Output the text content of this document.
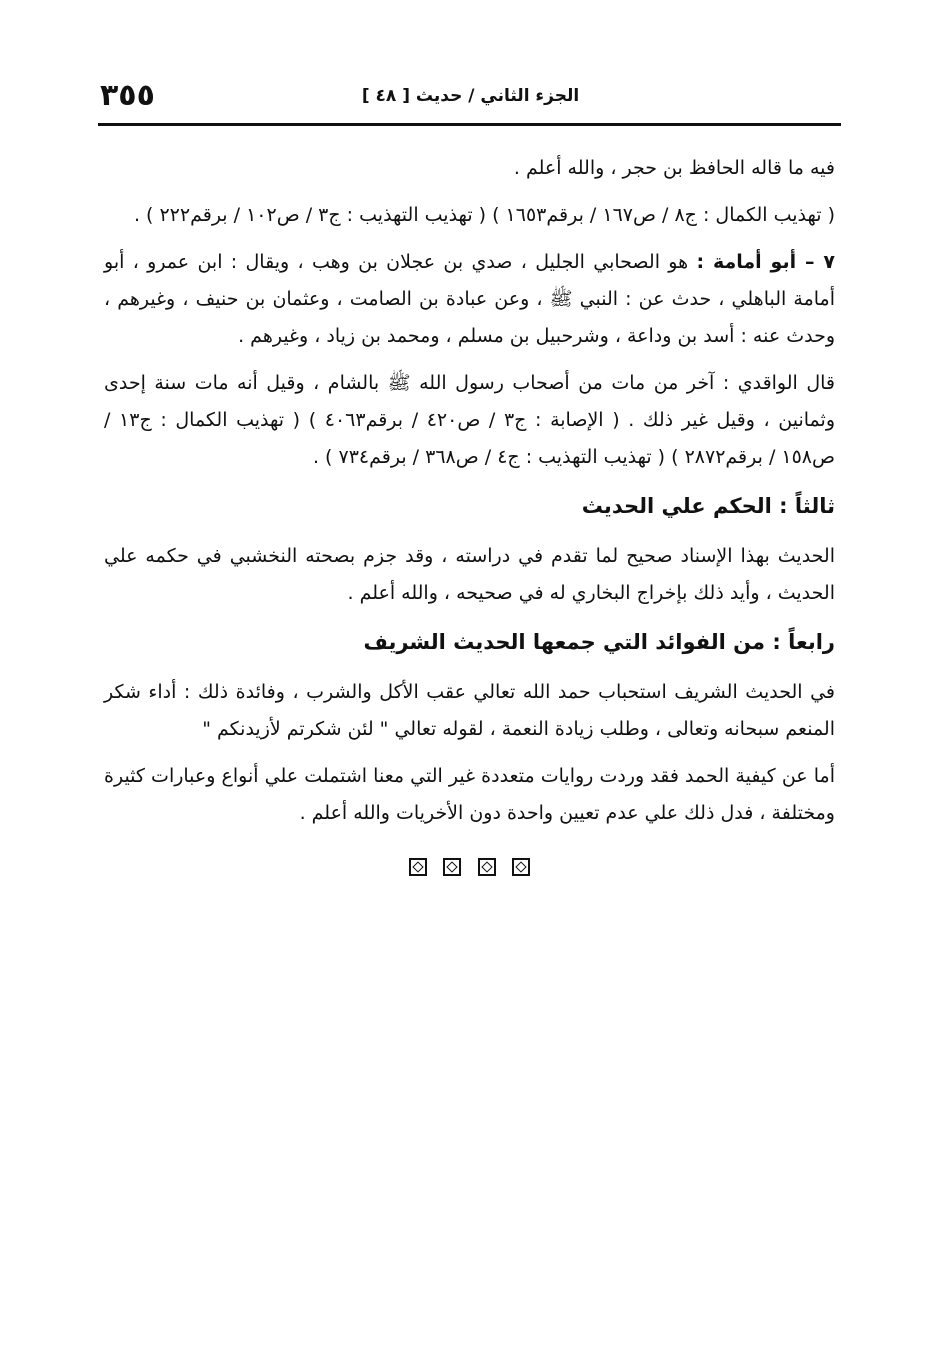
الجزء الثاني / حديث [ ٤٨ ]
٣٥٥

فيه ما قاله الحافظ بن حجر ، والله أعلم .

( تهذيب الكمال : ج٨ / ص١٦٧ / برقم١٦٥٣ ) ( تهذيب التهذيب : ج٣ / ص١٠٢ / برقم٢٢٢ ) .

٧ – أبو أمامة : هو الصحابي الجليل ، صدي بن عجلان بن وهب ، ويقال : ابن عمرو ، أبو أمامة الباهلي ، حدث عن : النبي ﷺ ، وعن عبادة بن الصامت ، وعثمان بن حنيف ، وغيرهم ، وحدث عنه : أسد بن وداعة ، وشرحبيل بن مسلم ، ومحمد بن زياد ، وغيرهم .

قال الواقدي : آخر من مات من أصحاب رسول الله ﷺ بالشام ، وقيل أنه مات سنة إحدى وثمانين ، وقيل غير ذلك . ( الإصابة : ج٣ / ص٤٢٠ / برقم٤٠٦٣ ) ( تهذيب الكمال : ج١٣ / ص١٥٨ / برقم٢٨٧٢ ) ( تهذيب التهذيب : ج٤ / ص٣٦٨ / برقم٧٣٤ ) .

ثالثاً : الحكم علي الحديث

الحديث بهذا الإسناد صحيح لما تقدم في دراسته ، وقد جزم بصحته النخشبي في حكمه علي الحديث ، وأيد ذلك بإخراج البخاري له في صحيحه ، والله أعلم .

رابعاً : من الفوائد التي جمعها الحديث الشريف

في الحديث الشريف استحباب حمد الله تعالي عقب الأكل والشرب ، وفائدة ذلك : أداء شكر المنعم سبحانه وتعالى ، وطلب زيادة النعمة ، لقوله تعالي " لئن شكرتم لأزيدنكم "

أما عن كيفية الحمد فقد وردت روايات متعددة غير التي معنا اشتملت علي أنواع وعبارات كثيرة ومختلفة ، فدل ذلك علي عدم تعيين واحدة دون الأخريات والله أعلم .
